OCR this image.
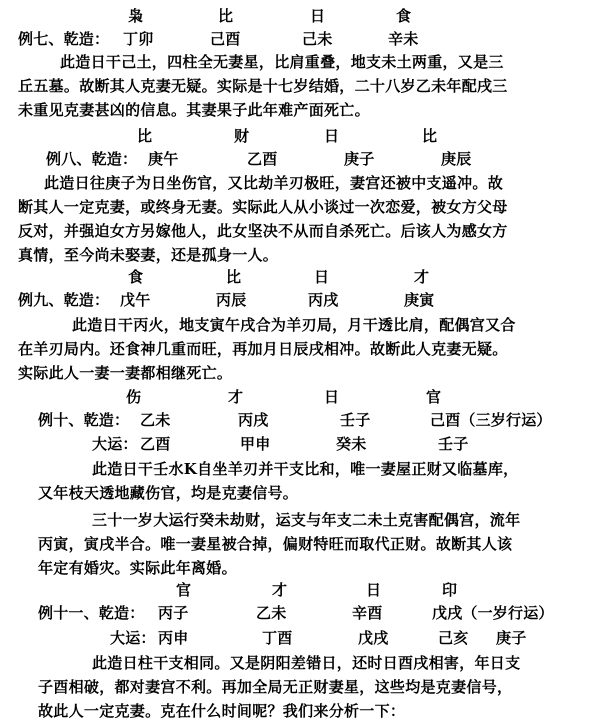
枭	比	日	食
例七、乾造： 丁卯	己酉	己未	辛未
此造日干己土，四柱全无妻星，比肩重叠，地支未土两重，又是三
丘五墓。故断其人克妻无疑。实际是十七岁结婚，二十八岁乙未年配戌三
未重见克妻甚凶的信息。其妻果子此年难产面死亡。
比	财	日	比
例八、乾造： 庚午	乙酉	庚子	庚辰
此造日往庚子为日坐伤官，又比劫羊刃极旺，妻宫还被中支遥冲。故
断其人一定克妻，或终身无妻。实际此人从小谈过一次恋爱，被女方父母
反对，并强迫女方另嫁他人，此女坚决不从而自杀死亡。后该人为感女方
真情，至今尚未娶妻，还是孤身一人。
食	比	日	才
例九、乾造： 戊午	丙辰	丙戌	庚寅
此造日干丙火，地支寅午戌合为羊刃局，月干透比肩，配偶宫又合
在羊刃局内。还食神几重而旺，再加月日辰戌相冲。故断此人克妻无疑。
实际此人一妻一妻都相继死亡。
伤	才	日	官
例十、乾造： 乙未	丙戌	壬子	己酉（三岁行运）
大运： 乙酉	甲申	癸未	壬子
此造日干壬水K自坐羊刃并干支比和，唯一妻屋正财又临墓库，
又年枝天透地藏伤官，均是克妻信号。
三十一岁大运行癸未劫财，运支与年支二未土克害配偶宫，流年
丙寅，寅戌半合。唯一妻星被合掉，偏财特旺而取代正财。故断其人该
年定有婚灾。实际此年离婚。
官	才	日	印
例十一、乾造： 丙子	乙未	辛酉	戊戌（一岁行运）
大运： 丙申	丁酉	戊戌	己亥 庚子
此造日柱干支相同。又是阴阳差错日，还时日酉戌相害，年日支
子酉相破，都对妻宫不利。再加全局无正财妻星，这些均是克妻信号，
故此人一定克妻。克在什么时间呢？我们来分析一下：
